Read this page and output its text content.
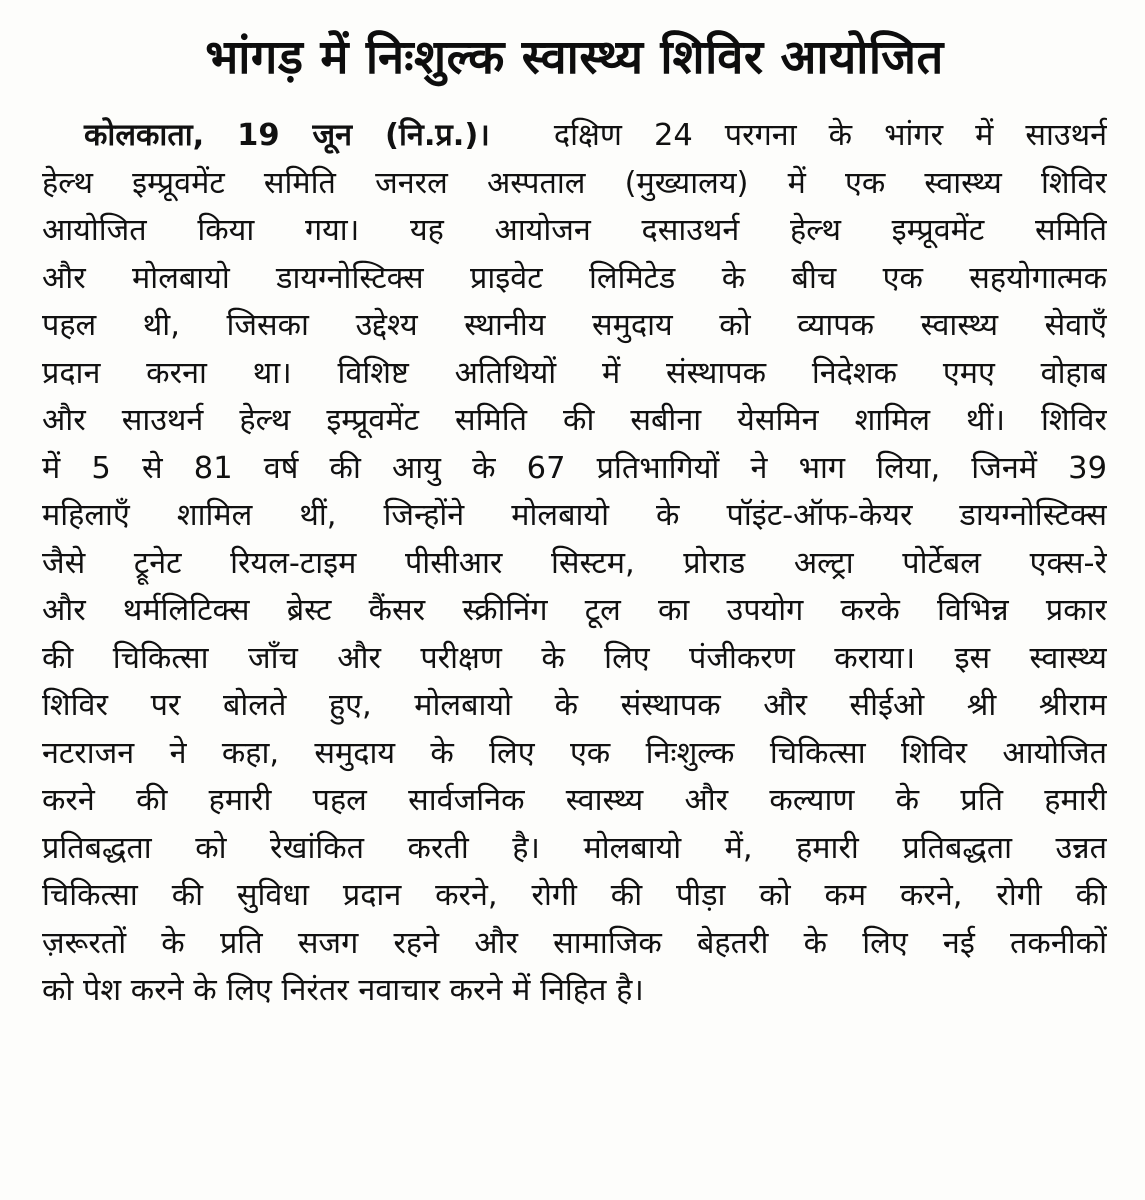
भांगड़ में निःशुल्क स्वास्थ्य शिविर आयोजित
कोलकाता, 19 जून (नि.प्र.)। दक्षिण 24 परगना के भांगर में साउथर्न
हेल्थ इम्प्रूवमेंट समिति जनरल अस्पताल (मुख्यालय) में एक स्वास्थ्य शिविर
आयोजित किया गया। यह आयोजन दसाउथर्न हेल्थ इम्प्रूवमेंट समिति
और मोलबायो डायग्नोस्टिक्स प्राइवेट लिमिटेड के बीच एक सहयोगात्मक
पहल थी, जिसका उद्देश्य स्थानीय समुदाय को व्यापक स्वास्थ्य सेवाएँ
प्रदान करना था। विशिष्ट अतिथियों में संस्थापक निदेशक एमए वोहाब
और साउथर्न हेल्थ इम्प्रूवमेंट समिति की सबीना येसमिन शामिल थीं। शिविर
में 5 से 81 वर्ष की आयु के 67 प्रतिभागियों ने भाग लिया, जिनमें 39
महिलाएँ शामिल थीं, जिन्होंने मोलबायो के पॉइंट-ऑफ-केयर डायग्नोस्टिक्स
जैसे ट्रूनेट रियल-टाइम पीसीआर सिस्टम, प्रोराड अल्ट्रा पोर्टेबल एक्स-रे
और थर्मलिटिक्स ब्रेस्ट कैंसर स्क्रीनिंग टूल का उपयोग करके विभिन्न प्रकार
की चिकित्सा जाँच और परीक्षण के लिए पंजीकरण कराया। इस स्वास्थ्य
शिविर पर बोलते हुए, मोलबायो के संस्थापक और सीईओ श्री श्रीराम
नटराजन ने कहा, समुदाय के लिए एक निःशुल्क चिकित्सा शिविर आयोजित
करने की हमारी पहल सार्वजनिक स्वास्थ्य और कल्याण के प्रति हमारी
प्रतिबद्धता को रेखांकित करती है। मोलबायो में, हमारी प्रतिबद्धता उन्नत
चिकित्सा की सुविधा प्रदान करने, रोगी की पीड़ा को कम करने, रोगी की
ज़रूरतों के प्रति सजग रहने और सामाजिक बेहतरी के लिए नई तकनीकों
को पेश करने के लिए निरंतर नवाचार करने में निहित है।
